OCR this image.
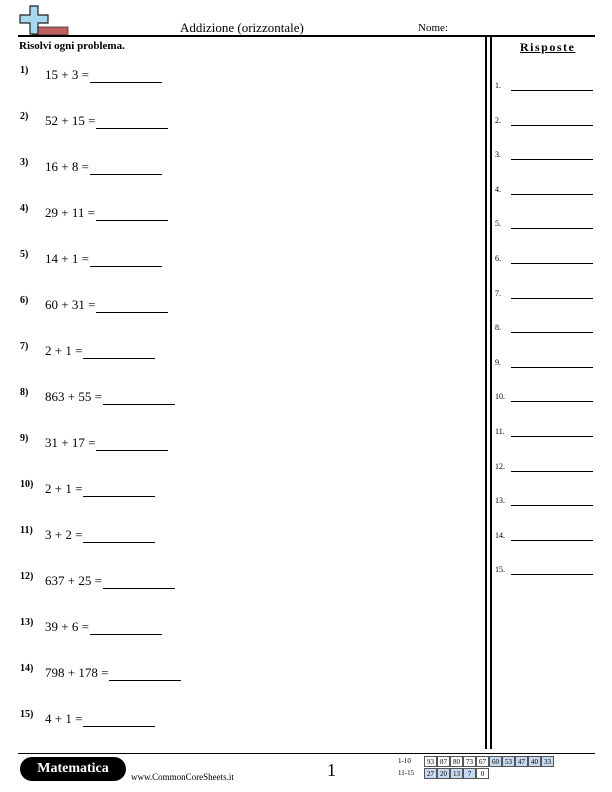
Addizione (orizzontale)	Nome:
Risolvi ogni problema.
1) 15 + 3 =
2) 52 + 15 =
3) 16 + 8 =
4) 29 + 11 =
5) 14 + 1 =
6) 60 + 31 =
7) 2 + 1 =
8) 863 + 55 =
9) 31 + 17 =
10) 2 + 1 =
11) 3 + 2 =
12) 637 + 25 =
13) 39 + 6 =
14) 798 + 178 =
15) 4 + 1 =
Risposte
1.
2.
3.
4.
5.
6.
7.
8.
9.
10.
11.
12.
13.
14.
15.
Matematica
www.CommonCoreSheets.it	1	1-10
11-15
93 87 80 73 67 60 53 47 40 33
27 20 13	7	0
